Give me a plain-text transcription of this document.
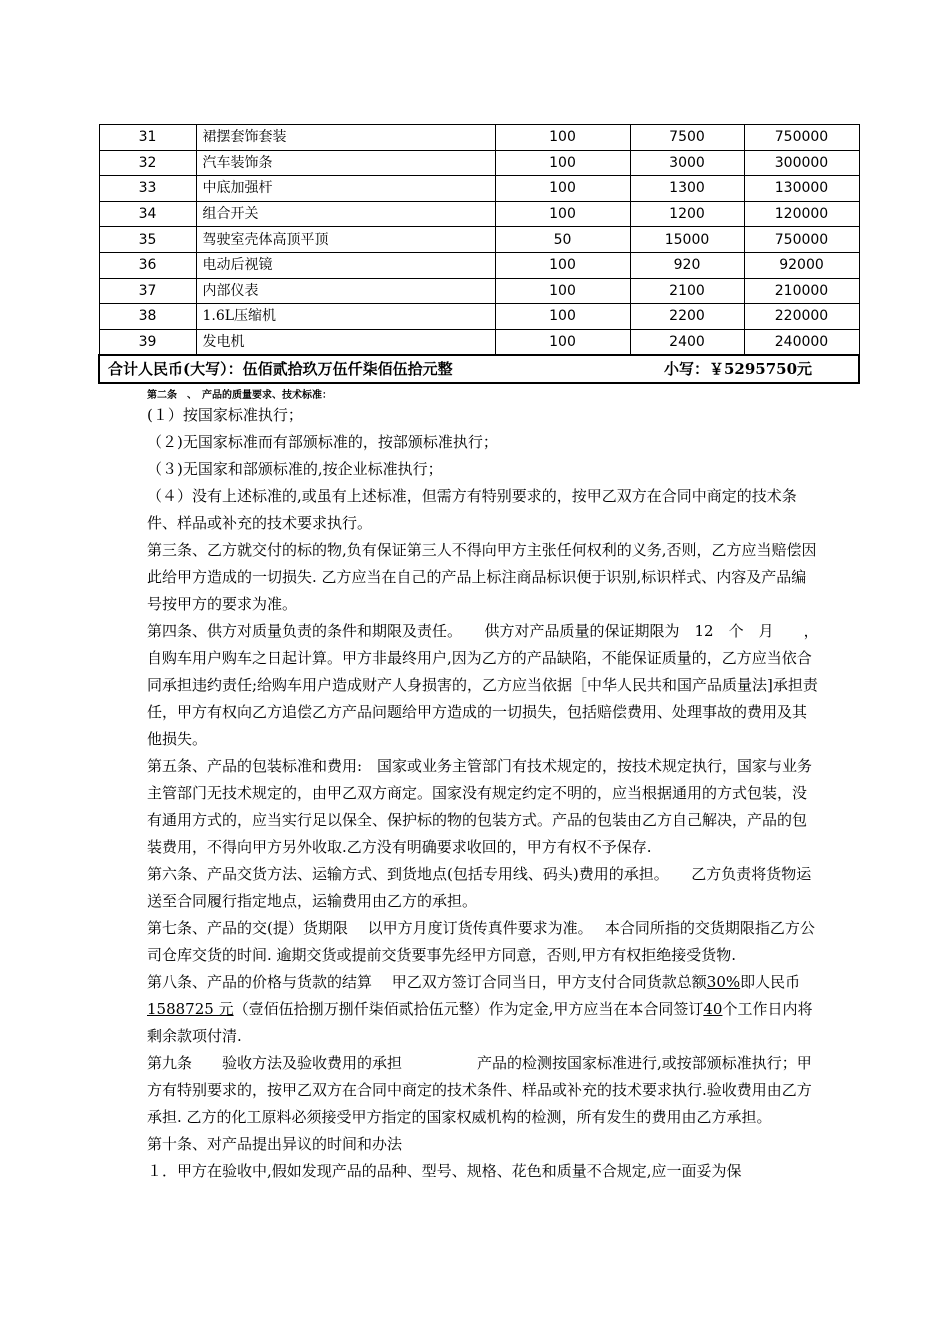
31	裙摆套饰套装	100	7500	750000
32	汽车装饰条	100	3000	300000
33	中底加强杆	100	1300	130000
34	组合开关	100	1200	120000
35	驾驶室壳体高顶平顶	50	15000	750000
36	电动后视镜	100	920	92000
37	内部仪表	100	2100	210000
38	1.6L压缩机	100	2200	220000
39	发电机	100	2400	240000
合计人民币(大写）：伍佰贰拾玖万伍仟柒佰伍拾元整 小写：￥5295750元				
第二条　、　产品的质量要求、技术标准：

(１）按国家标准执行；

（２)无国家标准而有部颁标准的，按部颁标准执行；

（３)无国家和部颁标准的,按企业标准执行；

（４）没有上述标准的,或虽有上述标准，但需方有特别要求的，按甲乙双方在合同中商定的技术条件、样品或补充的技术要求执行。

第三条、乙方就交付的标的物,负有保证第三人不得向甲方主张任何权利的义务,否则，乙方应当赔偿因此给甲方造成的一切损失. 乙方应当在自己的产品上标注商品标识便于识别,标识样式、内容及产品编号按甲方的要求为准。

第四条、供方对质量负责的条件和期限及责任。　　供方对产品质量的保证期限为　12　个　月　　，自购车用户购车之日起计算。甲方非最终用户,因为乙方的产品缺陷，不能保证质量的，乙方应当依合同承担违约责任;给购车用户造成财产人身损害的，乙方应当依据［中华人民共和国产品质量法]承担责任，甲方有权向乙方追偿乙方产品问题给甲方造成的一切损失，包括赔偿费用、处理事故的费用及其他损失。

第五条、产品的包装标准和费用:　国家或业务主管部门有技术规定的，按技术规定执行，国家与业务主管部门无技术规定的，由甲乙双方商定。国家没有规定约定不明的，应当根据通用的方式包装，没有通用方式的，应当实行足以保全、保护标的物的包装方式。产品的包装由乙方自己解决，产品的包装费用，不得向甲方另外收取.乙方没有明确要求收回的，甲方有权不予保存.

第六条、产品交货方法、运输方式、到货地点(包括专用线、码头)费用的承担。　　乙方负责将货物运送至合同履行指定地点，运输费用由乙方的承担。

第七条、产品的交(提）货期限　 以甲方月度订货传真件要求为准。　 本合同所指的交货期限指乙方公司仓库交货的时间. 逾期交货或提前交货要事先经甲方同意，否则,甲方有权拒绝接受货物.

第八条、产品的价格与货款的结算　 甲乙双方签订合同当日，甲方支付合同货款总额30%即人民币 1588725 元（壹佰伍拾捌万捌仟柒佰贰拾伍元整）作为定金,甲方应当在本合同签订40个工作日内将剩余款项付清.

第九条　　验收方法及验收费用的承担　　　　　产品的检测按国家标准进行,或按部颁标准执行；甲方有特别要求的，按甲乙双方在合同中商定的技术条件、样品或补充的技术要求执行.验收费用由乙方承担. 乙方的化工原料必须接受甲方指定的国家权威机构的检测，所有发生的费用由乙方承担。

第十条、对产品提出异议的时间和办法

１．甲方在验收中,假如发现产品的品种、型号、规格、花色和质量不合规定,应一面妥为保
